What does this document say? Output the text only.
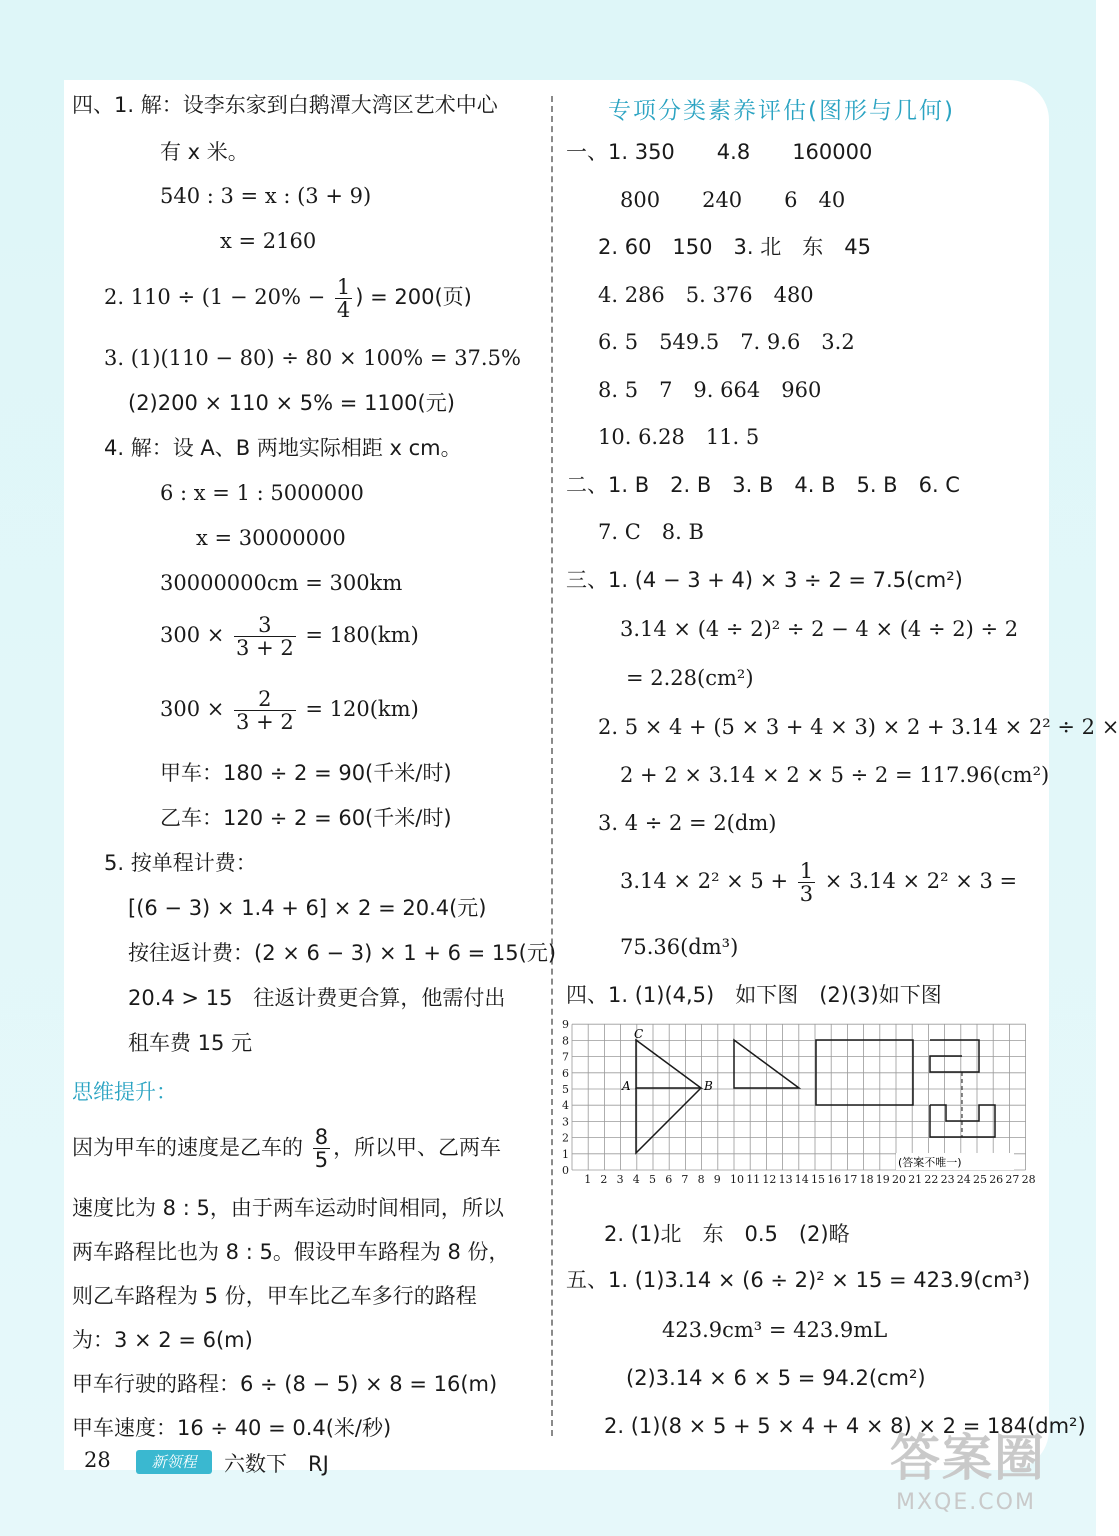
四、1. 解：设李东家到白鹅潭大湾区艺术中心
有 x 米。
540 : 3 = x : (3 + 9)
x = 2160
2. $110 \div (1 - 20\% - \frac{1}{4}$ ) = 200(页)
3. (1)(110 − 80) ÷ 80 × 100% = 37.5%
(2)200 × 110 × 5% = 1100(元)
4. 解：设 A、B 两地实际相距 x cm。
6 : x = 1 : 5000000
x = 30000000
30000000cm = 300km
$300 \times \frac{3}{3 + 2} = 180(km)$
$300 \times \frac{2}{3 + 2} = 120(km)$
甲车：180 ÷ 2 = 90(千米/时)
乙车：120 ÷ 2 = 60(千米/时)
5. 按单程计费：
[(6 − 3) × 1.4 + 6] × 2 = 20.4(元)
按往返计费：(2 × 6 − 3) × 1 + 6 = 15(元)
20.4 > 15　往返计费更合算，他需付出
租车费 15 元
思维提升：
因为甲车的速度是乙车的 $\frac{8}{5}$ ，所以甲、乙两车
速度比为 8 : 5，由于两车运动时间相同，所以
两车路程比也为 8 : 5。假设甲车路程为 8 份，
则乙车路程为 5 份，甲车比乙车多行的路程
为：3 × 2 = 6(m)
甲车行驶的路程：6 ÷ (8 − 5) × 8 = 16(m)
甲车速度：16 ÷ 40 = 0.4(米/秒)
专项分类素养评估(图形与几何)
一、1. 350　　4.8　　160000
800　　240　　6　40
2. 60　150　3. 北　东　45
4. 286　5. 376　480
6. 5　549.5　7. 9.6　3.2
8. 5　7　9. 664　960
10. 6.28　11. 5
二、1. B　2. B　3. B　4. B　5. B　6. C
7. C　8. B
三、1. (4 − 3 + 4) × 3 ÷ 2 = 7.5(cm²)
3.14 × (4 ÷ 2)² ÷ 2 − 4 × (4 ÷ 2) ÷ 2
= 2.28(cm²)
2. 5 × 4 + (5 × 3 + 4 × 3) × 2 + 3.14 × 2² ÷ 2 ×
2 + 2 × 3.14 × 2 × 5 ÷ 2 = 117.96(cm²)
3. 4 ÷ 2 = 2(dm)
$3.14 \times 2^2 \times 5 + \frac{1}{3} \times 3.14 \times 2^2 \times 3$ =
75.36(dm³)
四、1. (1)(4,5)　如下图　(2)(3)如下图
1 2 3 4 5 6 7 8 9 10 11 12 13 14 15 16 17 18 19 20 21 22 23 24 25 26 27 28
0
1
2
3
4
5
6
7
8
9
C
A	B
(答案不唯一)
2. (1)北　东　0.5　(2)略
五、1. (1)3.14 × (6 ÷ 2)² × 15 = 423.9(cm³)
423.9cm³ = 423.9mL
(2)3.14 × 6 × 5 = 94.2(cm²)
2. (1)(8 × 5 + 5 × 4 + 4 × 8) × 2 = 184(dm²)
28	新领程	六数下　RJ	答案圈
MXQE.COM
